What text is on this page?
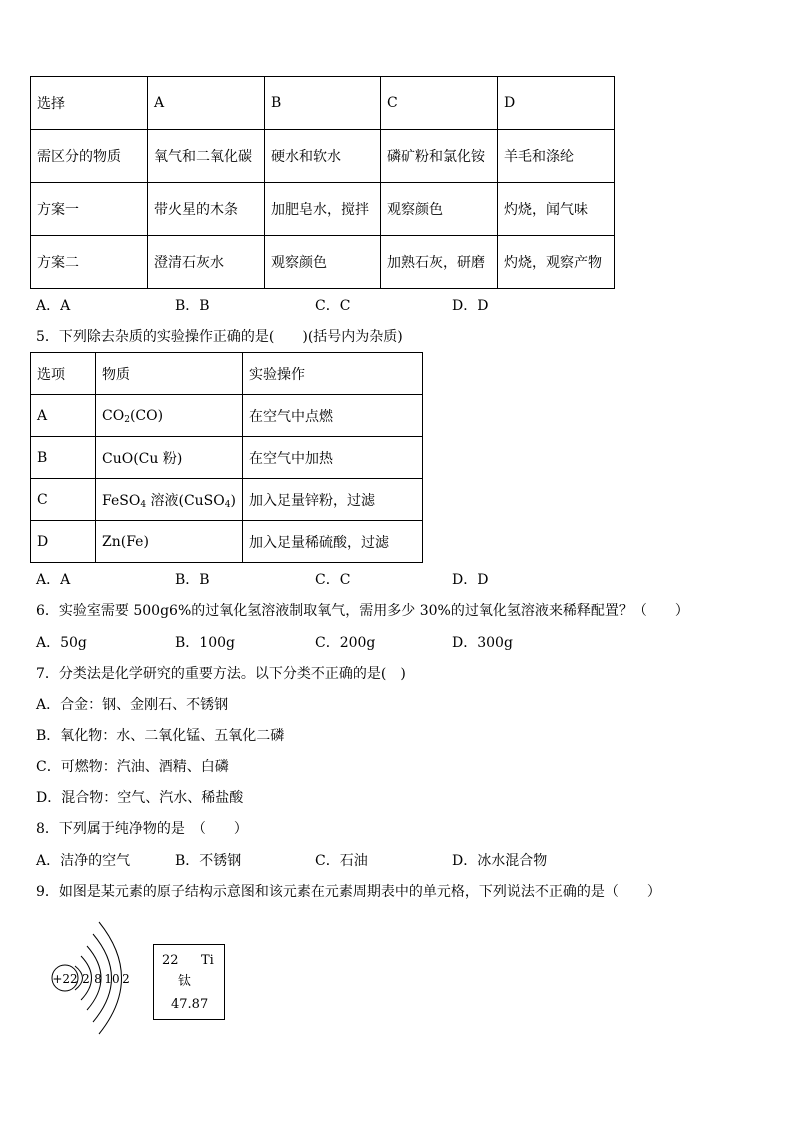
选择	A	B	C	D
需区分的物质	氧气和二氧化碳	硬水和软水	磷矿粉和氯化铵	羊毛和涤纶
方案一	带火星的木条	加肥皂水，搅拌	观察颜色	灼烧，闻气味
方案二	澄清石灰水	观察颜色	加熟石灰，研磨	灼烧，观察产物
A．A	B．B	C．C	D．D
5．下列除去杂质的实验操作正确的是(　　)(括号内为杂质)
选项	物质	实验操作
A	$CO_2(CO)$	在空气中点燃
B	CuO(Cu 粉)	在空气中加热
C	FeSO$_4$ 溶液(CuSO$_4$)	加入足量锌粉，过滤
D	Zn(Fe)	加入足量稀硫酸，过滤
A．A	B．B	C．C	D．D
6．实验室需要 500g6%的过氧化氢溶液制取氧气，需用多少 30%的过氧化氢溶液来稀释配置？（　　）
A．50g	B．100g	C．200g	D．300g
7．分类法是化学研究的重要方法。以下分类不正确的是(　)
A．合金：钢、金刚石、不锈钢
B．氧化物：水、二氧化锰、五氧化二磷
C．可燃物：汽油、酒精、白磷
D．混合物：空气、汽水、稀盐酸
8．下列属于纯净物的是　（　　）
A．洁净的空气	B．不锈钢	C．石油	D．冰水混合物
9．如图是某元素的原子结构示意图和该元素在元素周期表中的单元格，下列说法不正确的是（　　）
+22 2 8 10 2
22 Ti
钛
47.87
